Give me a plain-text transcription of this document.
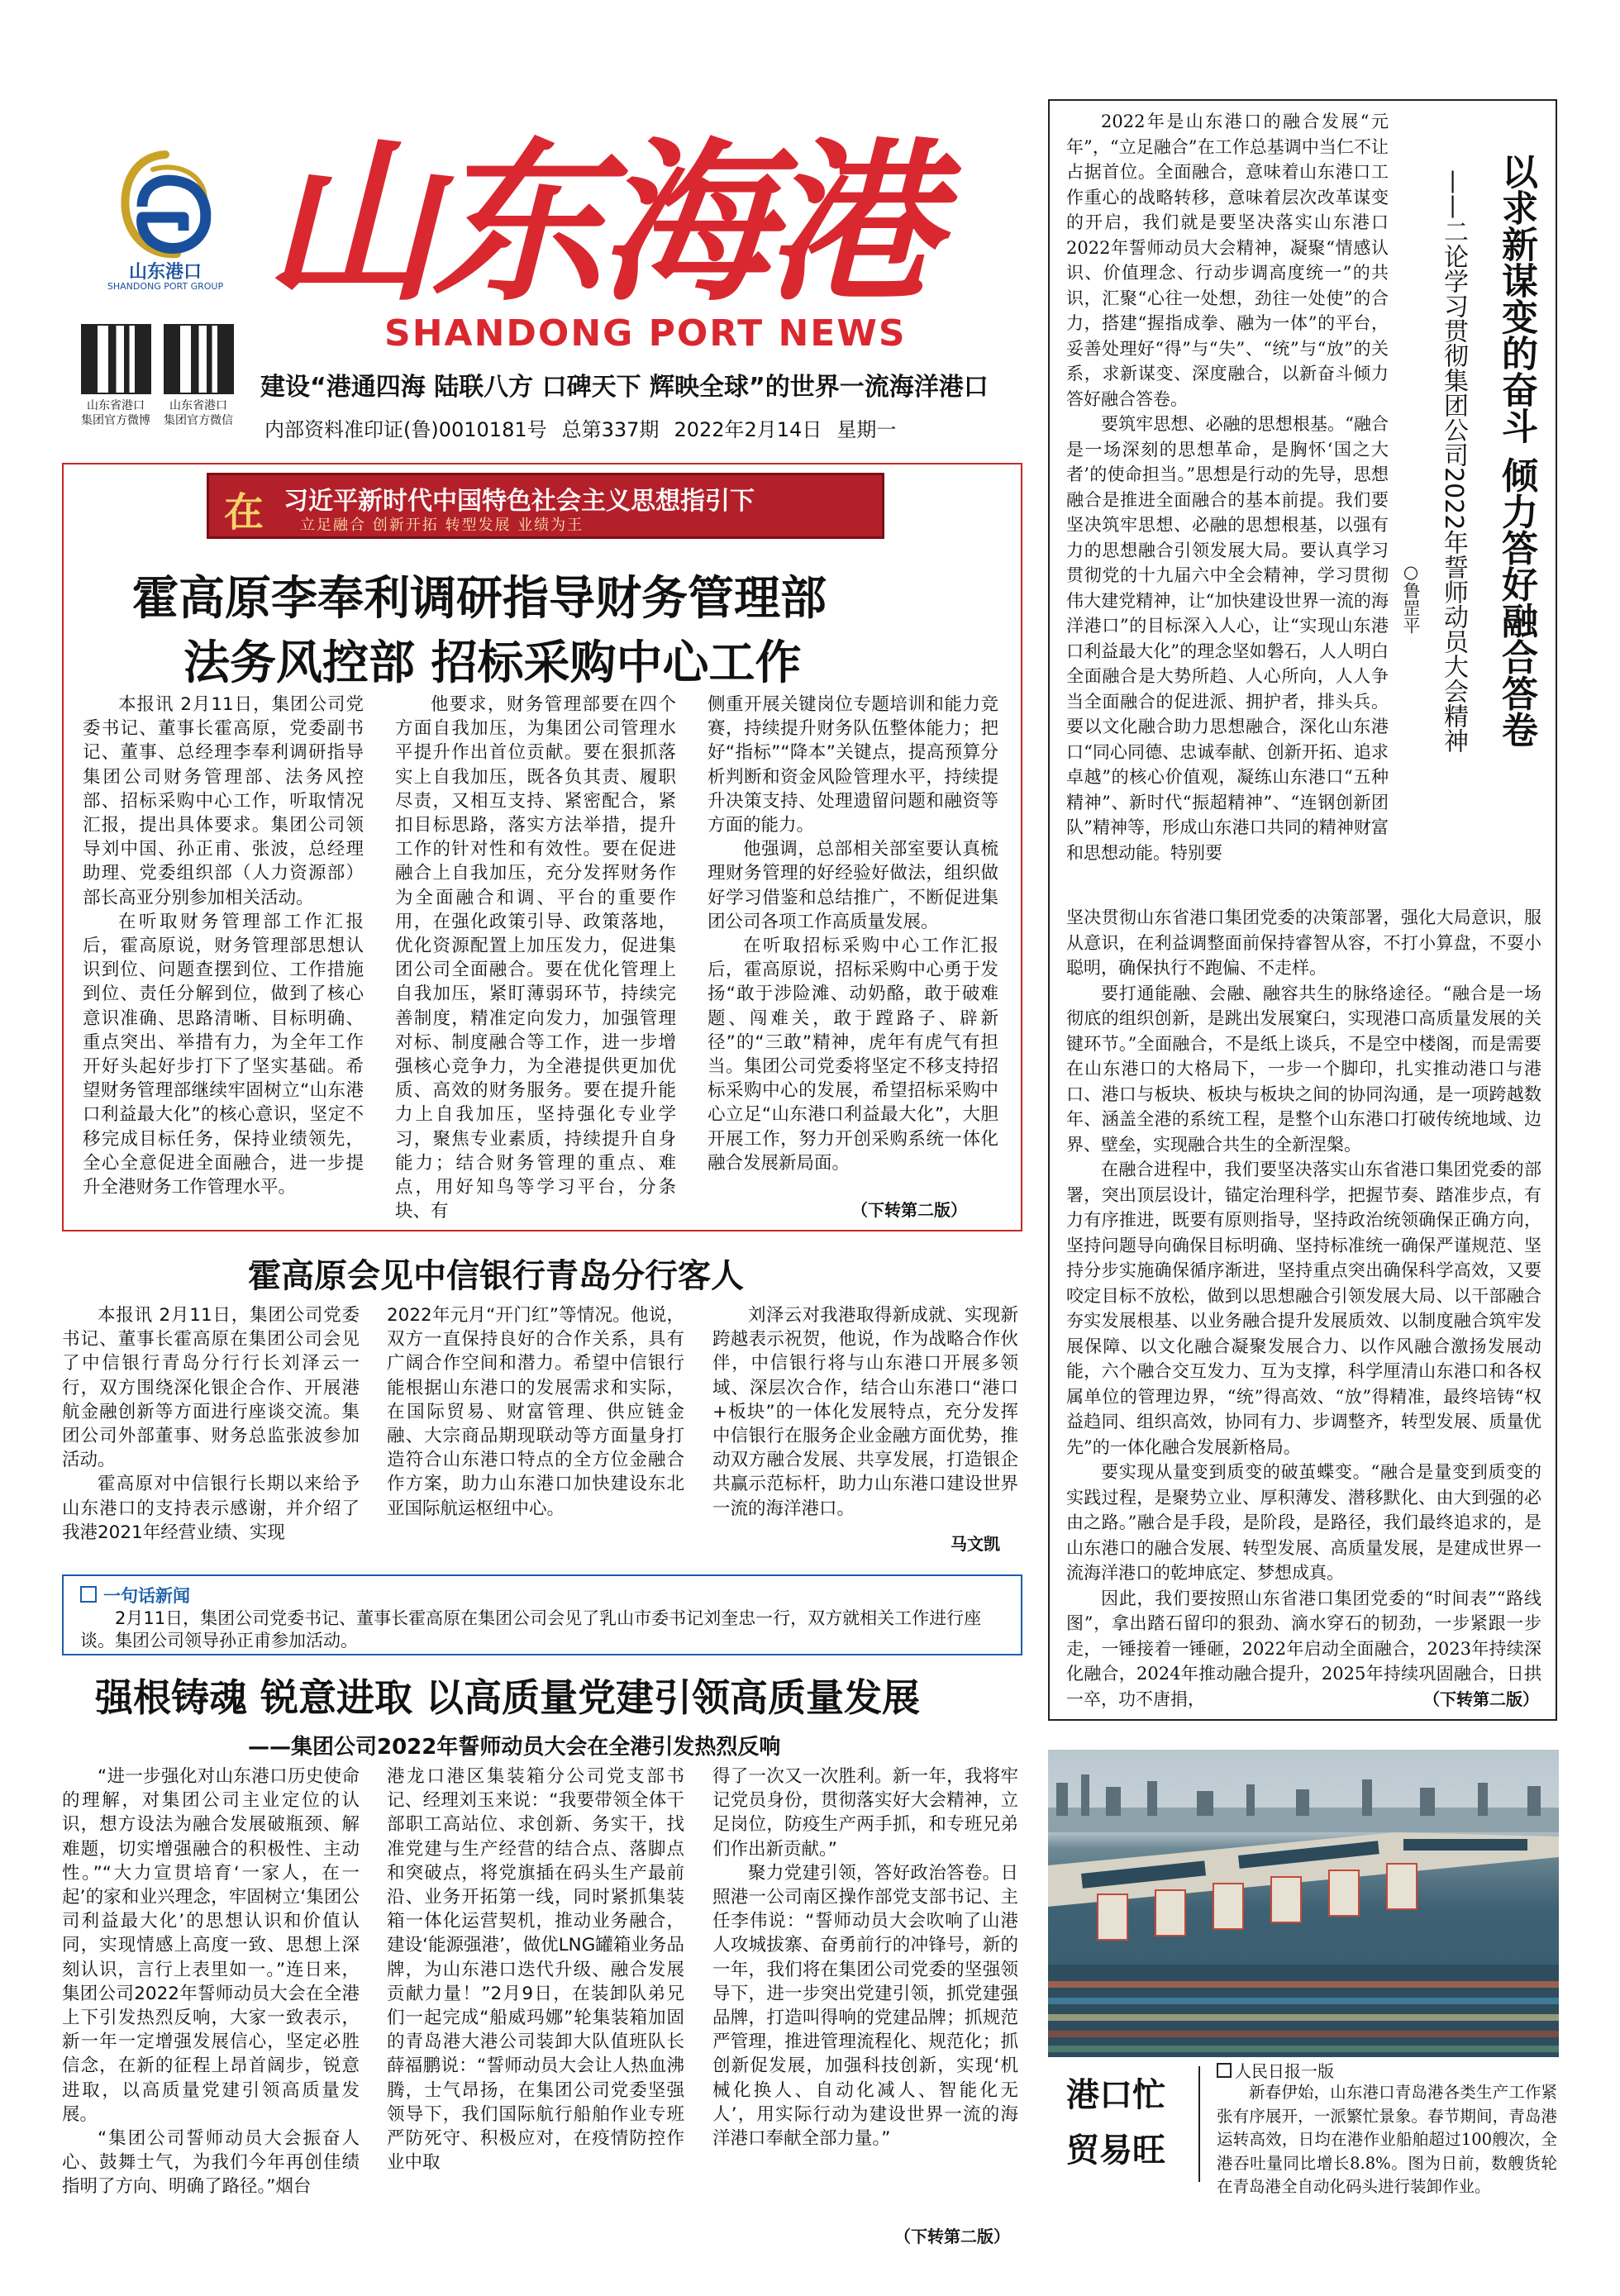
山东港口
SHANDONG PORT GROUP 山东海港
SHANDONG PORT NEWS
山东省港口
集团官方微博
山东省港口
集团官方微信
建设“港通四海 陆联八方 口碑天下 辉映全球”的世界一流海洋港口
内部资料准印证(鲁)0010181号 总第337期 2022年2月14日 星期一
在 习近平新时代中国特色社会主义思想指引下
立足融合 创新开拓 转型发展 业绩为王
霍高原李奉利调研指导财务管理部
法务风控部 招标采购中心工作

本报讯 2月11日，集团公司党委书记、董事长霍高原，党委副书记、董事、总经理李奉利调研指导集团公司财务管理部、法务风控部、招标采购中心工作，听取情况汇报，提出具体要求。集团公司领导刘中国、孙正甫、张波，总经理助理、党委组织部（人力资源部）部长高亚分别参加相关活动。

在听取财务管理部工作汇报后，霍高原说，财务管理部思想认识到位、问题查摆到位、工作措施到位、责任分解到位，做到了核心意识准确、思路清晰、目标明确、重点突出、举措有力，为全年工作开好头起好步打下了坚实基础。希望财务管理部继续牢固树立“山东港口利益最大化”的核心意识，坚定不移完成目标任务，保持业绩领先，全心全意促进全面融合，进一步提升全港财务工作管理水平。

他要求，财务管理部要在四个方面自我加压，为集团公司管理水平提升作出首位贡献。要在狠抓落实上自我加压，既各负其责、履职尽责，又相互支持、紧密配合，紧扣目标思路，落实方法举措，提升工作的针对性和有效性。要在促进融合上自我加压，充分发挥财务作为全面融合和调、平台的重要作用，在强化政策引导、政策落地，优化资源配置上加压发力，促进集团公司全面融合。要在优化管理上自我加压，紧盯薄弱环节，持续完善制度，精准定向发力，加强管理对标、制度融合等工作，进一步增强核心竞争力，为全港提供更加优质、高效的财务服务。要在提升能力上自我加压，坚持强化专业学习，聚焦专业素质，持续提升自身能力；结合财务管理的重点、难点，用好知鸟等学习平台，分条块、有

侧重开展关键岗位专题培训和能力竞赛，持续提升财务队伍整体能力；把好“指标”“降本”关键点，提高预算分析判断和资金风险管理水平，持续提升决策支持、处理遗留问题和融资等方面的能力。

他强调，总部相关部室要认真梳理财务管理的好经验好做法，组织做好学习借鉴和总结推广，不断促进集团公司各项工作高质量发展。

在听取招标采购中心工作汇报后，霍高原说，招标采购中心勇于发扬“敢于涉险滩、动奶酪，敢于破难题、闯难关，敢于蹚路子、辟新径”的“三敢”精神，虎年有虎气有担当。集团公司党委将坚定不移支持招标采购中心的发展，希望招标采购中心立足“山东港口利益最大化”，大胆开展工作，努力开创采购系统一体化融合发展新局面。

（下转第二版）
霍高原会见中信银行青岛分行客人

本报讯 2月11日，集团公司党委书记、董事长霍高原在集团公司会见了中信银行青岛分行行长刘泽云一行，双方围绕深化银企合作、开展港航金融创新等方面进行座谈交流。集团公司外部董事、财务总监张波参加活动。

霍高原对中信银行长期以来给予山东港口的支持表示感谢，并介绍了我港2021年经营业绩、实现

2022年元月“开门红”等情况。他说，双方一直保持良好的合作关系，具有广阔合作空间和潜力。希望中信银行能根据山东港口的发展需求和实际，在国际贸易、财富管理、供应链金融、大宗商品期现联动等方面量身打造符合山东港口特点的全方位金融合作方案，助力山东港口加快建设东北亚国际航运枢纽中心。

刘泽云对我港取得新成就、实现新跨越表示祝贺，他说，作为战略合作伙伴，中信银行将与山东港口开展多领域、深层次合作，结合山东港口“港口+板块”的一体化发展特点，充分发挥中信银行在服务企业金融方面优势，推动双方融合发展、共享发展，打造银企共赢示范标杆，助力山东港口建设世界一流的海洋港口。

马文凯
一句话新闻
2月11日，集团公司党委书记、董事长霍高原在集团公司会见了乳山市委书记刘奎忠一行，双方就相关工作进行座谈。集团公司领导孙正甫参加活动。
强根铸魂 锐意进取 以高质量党建引领高质量发展
——集团公司2022年誓师动员大会在全港引发热烈反响

“进一步强化对山东港口历史使命的理解，对集团公司主业定位的认识，想方设法为融合发展破瓶颈、解难题，切实增强融合的积极性、主动性。”“大力宣贯培育‘一家人，在一起’的家和业兴理念，牢固树立‘集团公司利益最大化’的思想认识和价值认同，实现情感上高度一致、思想上深刻认识，言行上表里如一。”连日来，集团公司2022年誓师动员大会在全港上下引发热烈反响，大家一致表示，新一年一定增强发展信心，坚定必胜信念，在新的征程上昂首阔步，锐意进取，以高质量党建引领高质量发展。

“集团公司誓师动员大会振奋人心、鼓舞士气，为我们今年再创佳绩指明了方向、明确了路径。”烟台

港龙口港区集装箱分公司党支部书记、经理刘玉来说：“我要带领全体干部职工高站位、求创新、务实干，找准党建与生产经营的结合点、落脚点和突破点，将党旗插在码头生产最前沿、业务开拓第一线，同时紧抓集装箱一体化运营契机，推动业务融合，建设‘能源强港’，做优LNG罐箱业务品牌，为山东港口迭代升级、融合发展贡献力量！”2月9日，在装卸队弟兄们一起完成“船威玛娜”轮集装箱加固的青岛港大港公司装卸大队值班队长薛福鹏说：“誓师动员大会让人热血沸腾，士气昂扬，在集团公司党委坚强领导下，我们国际航行船舶作业专班严防死守、积极应对，在疫情防控作业中取

得了一次又一次胜利。新一年，我将牢记党员身份，贯彻落实好大会精神，立足岗位，防疫生产两手抓，和专班兄弟们作出新贡献。”

聚力党建引领，答好政治答卷。日照港一公司南区操作部党支部书记、主任李伟说：“誓师动员大会吹响了山港人攻城拔寨、奋勇前行的冲锋号，新的一年，我们将在集团公司党委的坚强领导下，进一步突出党建引领，抓党建强品牌，打造叫得响的党建品牌；抓规范严管理，推进管理流程化、规范化；抓创新促发展，加强科技创新，实现‘机械化换人、自动化减人、智能化无人’，用实际行动为建设世界一流的海洋港口奉献全部力量。”

（下转第二版）
以求新谋变的奋斗 倾力答好融合答卷
——二论学习贯彻集团公司2022年誓师动员大会精神
○鲁罡平

2022年是山东港口的融合发展“元年”，“立足融合”在工作总基调中当仁不让占据首位。全面融合，意味着山东港口工作重心的战略转移，意味着层次改革谋变的开启，我们就是要坚决落实山东港口2022年誓师动员大会精神，凝聚“情感认识、价值理念、行动步调高度统一”的共识，汇聚“心往一处想，劲往一处使”的合力，搭建“握指成拳、融为一体”的平台，妥善处理好“得”与“失”、“统”与“放”的关系，求新谋变、深度融合，以新奋斗倾力答好融合答卷。

要筑牢思想、必融的思想根基。“融合是一场深刻的思想革命，是胸怀‘国之大者’的使命担当。”思想是行动的先导，思想融合是推进全面融合的基本前提。我们要坚决筑牢思想、必融的思想根基，以强有力的思想融合引领发展大局。要认真学习贯彻党的十九届六中全会精神，学习贯彻伟大建党精神，让“加快建设世界一流的海洋港口”的目标深入人心，让“实现山东港口利益最大化”的理念坚如磐石，人人明白全面融合是大势所趋、人心所向，人人争当全面融合的促进派、拥护者，排头兵。要以文化融合助力思想融合，深化山东港口“同心同德、忠诚奉献、创新开拓、追求卓越”的核心价值观，凝练山东港口“五种精神”、新时代“振超精神”、“连钢创新团队”精神等，形成山东港口共同的精神财富和思想动能。特别要

坚决贯彻山东省港口集团党委的决策部署，强化大局意识，服从意识，在利益调整面前保持睿智从容，不打小算盘，不耍小聪明，确保执行不跑偏、不走样。

要打通能融、会融、融容共生的脉络途径。“融合是一场彻底的组织创新，是跳出发展窠臼，实现港口高质量发展的关键环节。”全面融合，不是纸上谈兵，不是空中楼阁，而是需要在山东港口的大格局下，一步一个脚印，扎实推动港口与港口、港口与板块、板块与板块之间的协同沟通，是一项跨越数年、涵盖全港的系统工程，是整个山东港口打破传统地域、边界、壁垒，实现融合共生的全新涅槃。

在融合进程中，我们要坚决落实山东省港口集团党委的部署，突出顶层设计，锚定治理科学，把握节奏、踏准步点，有力有序推进，既要有原则指导，坚持政治统领确保正确方向，坚持问题导向确保目标明确、坚持标准统一确保严谨规范、坚持分步实施确保循序渐进，坚持重点突出确保科学高效，又要咬定目标不放松，做到以思想融合引领发展大局、以干部融合夯实发展根基、以业务融合提升发展质效、以制度融合筑牢发展保障、以文化融合凝聚发展合力、以作风融合激扬发展动能，六个融合交互发力、互为支撑，科学厘清山东港口和各权属单位的管理边界，“统”得高效、“放”得精准，最终培铸“权益趋同、组织高效，协同有力、步调整齐，转型发展、质量优先”的一体化融合发展新格局。

要实现从量变到质变的破茧蝶变。“融合是量变到质变的实践过程，是聚势立业、厚积薄发、潜移默化、由大到强的必由之路。”融合是手段，是阶段，是路径，我们最终追求的，是山东港口的融合发展、转型发展、高质量发展，是建成世界一流海洋港口的乾坤底定、梦想成真。

因此，我们要按照山东省港口集团党委的“时间表”“路线图”，拿出踏石留印的狠劲、滴水穿石的韧劲，一步紧跟一步走，一锤接着一锤砸，2022年启动全面融合，2023年持续深化融合，2024年推动融合提升，2025年持续巩固融合，日拱一卒，功不唐捐，	（下转第二版）
港口忙
贸易旺
人民日报一版
新春伊始，山东港口青岛港各类生产工作紧张有序展开，一派繁忙景象。春节期间，青岛港运转高效，日均在港作业船舶超过100艘次，全港吞吐量同比增长8.8%。图为日前，数艘货轮在青岛港全自动化码头进行装卸作业。
